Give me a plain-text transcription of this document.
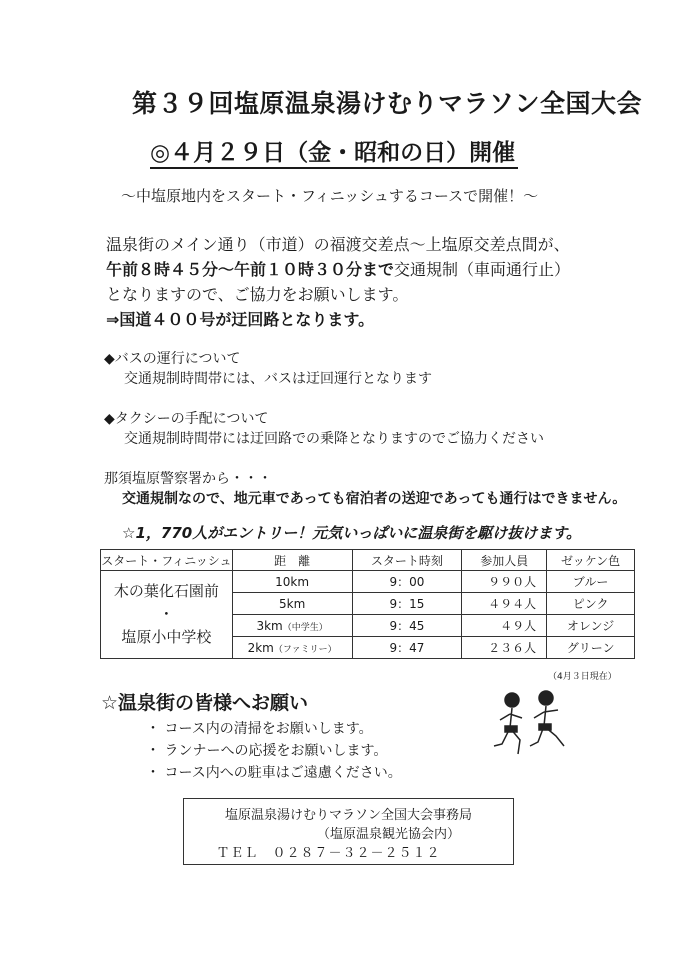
第３９回塩原温泉湯けむりマラソン全国大会
◎４月２９日（金・昭和の日）開催
～中塩原地内をスタート・フィニッシュするコースで開催！～
温泉街のメイン通り（市道）の福渡交差点～上塩原交差点間が、
午前８時４５分～午前１０時３０分まで交通規制（車両通行止）
となりますので、ご協力をお願いします。
⇒国道４００号が迂回路となります。
◆バスの運行について
交通規制時間帯には、バスは迂回運行となります
◆タクシーの手配について
交通規制時間帯には迂回路での乗降となりますのでご協力ください
那須塩原警察署から・・・
交通規制なので、地元車であっても宿泊者の送迎であっても通行はできません。
☆1，770人がエントリー！元気いっぱいに温泉街を駆け抜けます。
スタート・フィニッシュ	距　離	スタート時刻	参加人員	ゼッケン色

木の葉化石園前
・
塩原小中学校	10km	9：00	９９０人	ブルー
	5km	9：15	４９４人	ピンク
	3km（中学生）	9：45	４９人	オレンジ
	2km（ファミリー）	9：47	２３６人	グリーン
（4月３日現在）
☆温泉街の皆様へお願い
・ コース内の清掃をお願いします。
・ ランナーへの応援をお願いします。
・ コース内への駐車はご遠慮ください。
塩原温泉湯けむりマラソン全国大会事務局
（塩原温泉観光協会内）
ＴＥＬ　０２８７－３２－２５１２
